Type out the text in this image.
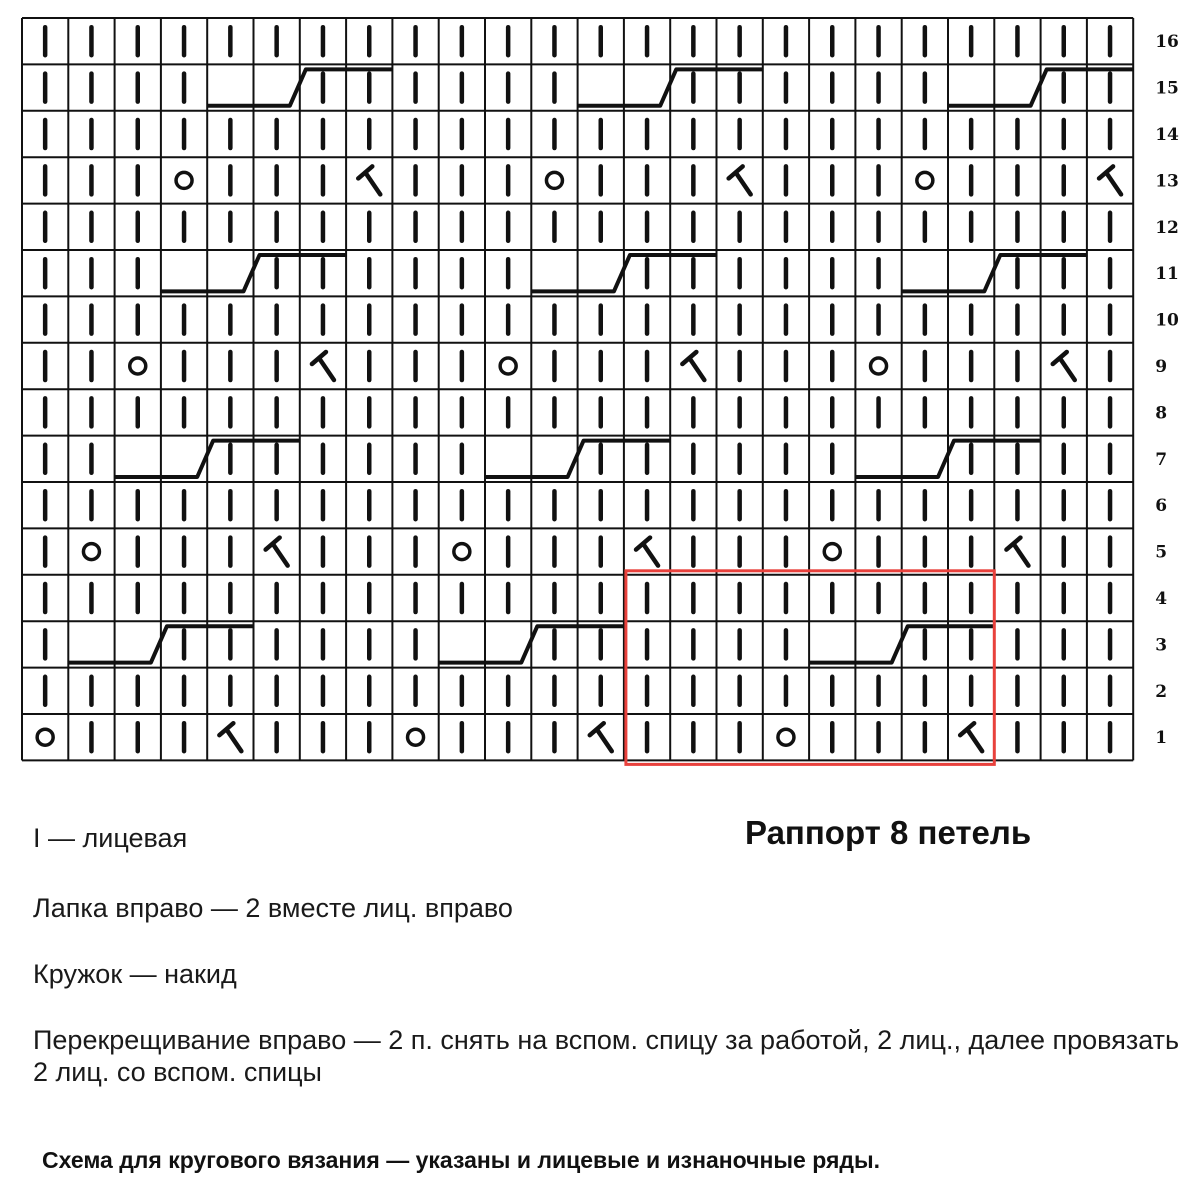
1
2
3
4
5
6
7
8
9
10
11
12
13
14
15
16
I — лицевая
Лапка вправо — 2 вместе лиц. вправо
Кружок — накид
Перекрещивание вправо — 2 п. снять на вспом. спицу за работой, 2 лиц., далее провязать 2 лиц. со вспом. спицы
Раппорт 8 петель
Схема для кругового вязания — указаны и лицевые и изнаночные ряды.
